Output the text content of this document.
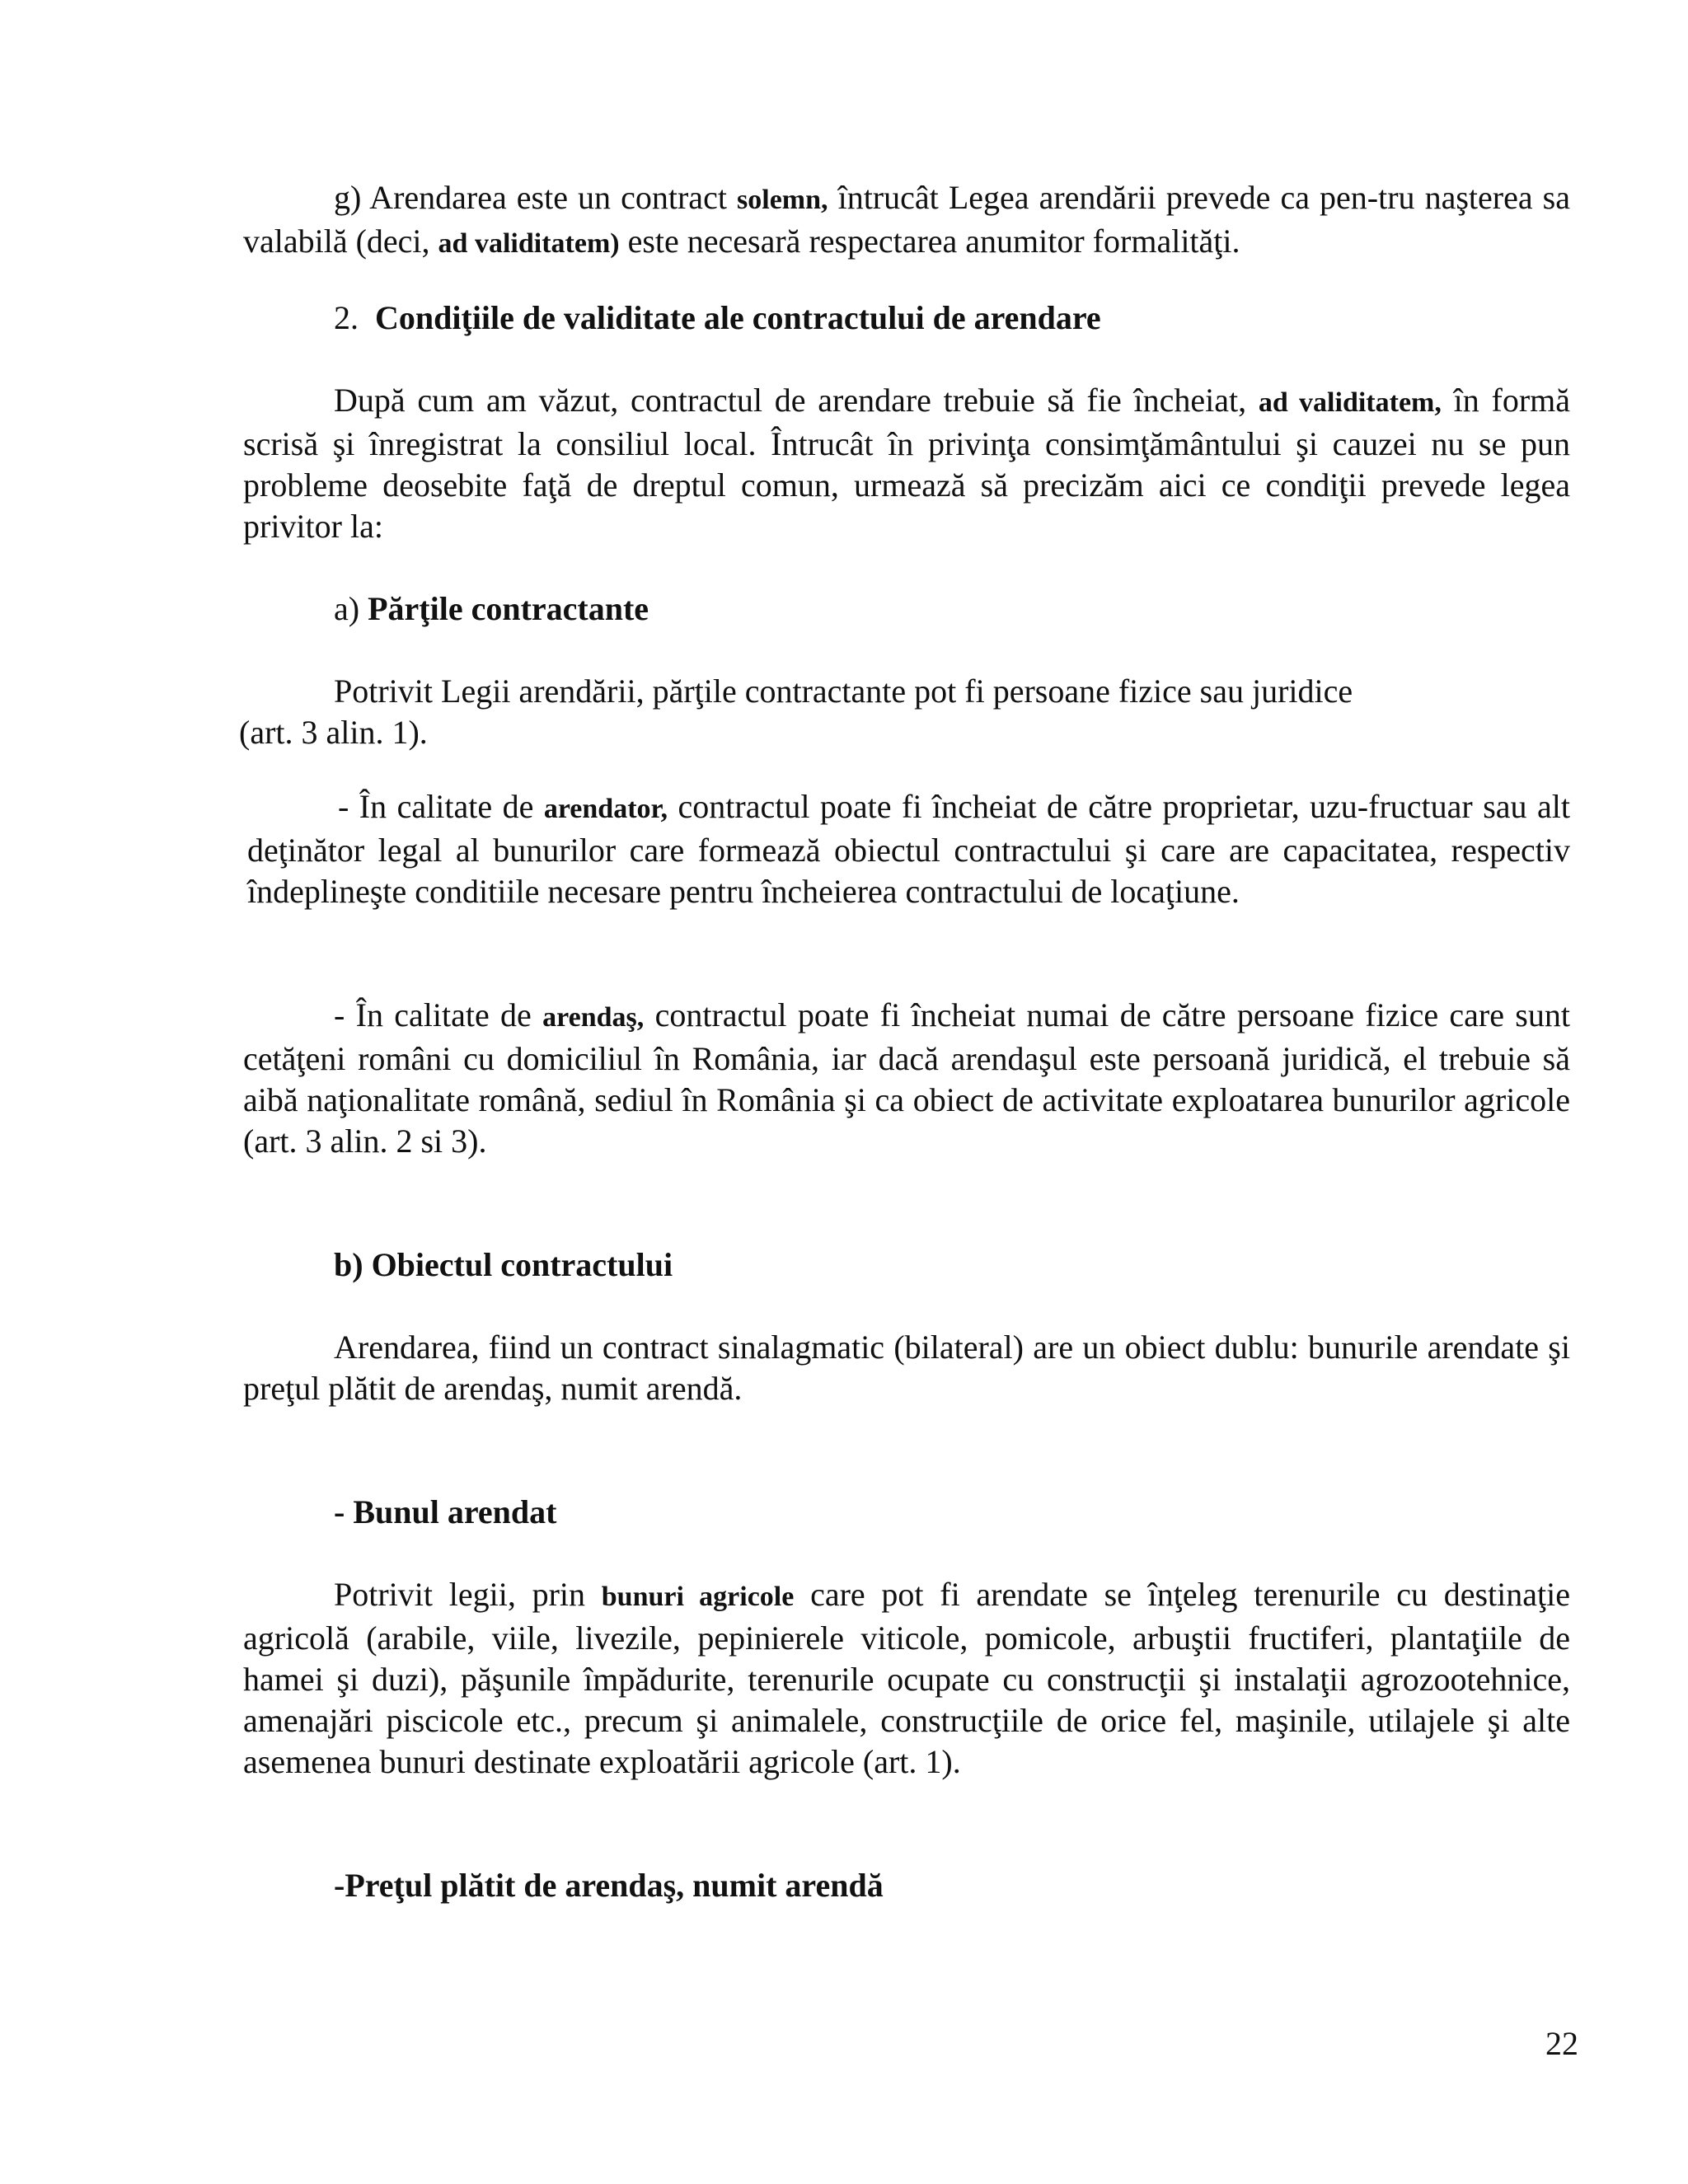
g) Arendarea este un contract solemn, întrucât Legea arendării prevede ca pen-tru naşterea sa valabilă (deci, ad validitatem) este necesară respectarea anumitor formalităţi.

2. Condiţiile de validitate ale contractului de arendare

După cum am văzut, contractul de arendare trebuie să fie încheiat, ad validitatem, în formă scrisă şi înregistrat la consiliul local. Întrucât în privinţa consimţământului şi cauzei nu se pun probleme deosebite faţă de dreptul comun, urmează să precizăm aici ce condiţii prevede legea privitor la:

a) Părţile contractante

Potrivit Legii arendării, părţile contractante pot fi persoane fizice sau juridice
(art. 3 alin. 1).

- În calitate de arendator, contractul poate fi încheiat de către proprietar, uzu-fructuar sau alt deţinător legal al bunurilor care formează obiectul contractului şi care are capacitatea, respectiv îndeplineşte conditiile necesare pentru încheierea contractului de locaţiune.

- În calitate de arendaş, contractul poate fi încheiat numai de către persoane fizice care sunt cetăţeni români cu domiciliul în România, iar dacă arendaşul este persoană juridică, el trebuie să aibă naţionalitate română, sediul în România şi ca obiect de activitate exploatarea bunurilor agricole (art. 3 alin. 2 si 3).

b) Obiectul contractului

Arendarea, fiind un contract sinalagmatic (bilateral) are un obiect dublu: bunurile arendate şi preţul plătit de arendaş, numit arendă.

- Bunul arendat

Potrivit legii, prin bunuri agricole care pot fi arendate se înţeleg terenurile cu destinaţie agricolă (arabile, viile, livezile, pepinierele viticole, pomicole, arbuştii fructiferi, plantaţiile de hamei şi duzi), păşunile împădurite, terenurile ocupate cu construcţii şi instalaţii agrozootehnice, amenajări piscicole etc., precum şi animalele, construcţiile de orice fel, maşinile, utilajele şi alte asemenea bunuri destinate exploatării agricole (art. 1).

-Preţul plătit de arendaş, numit arendă

22
